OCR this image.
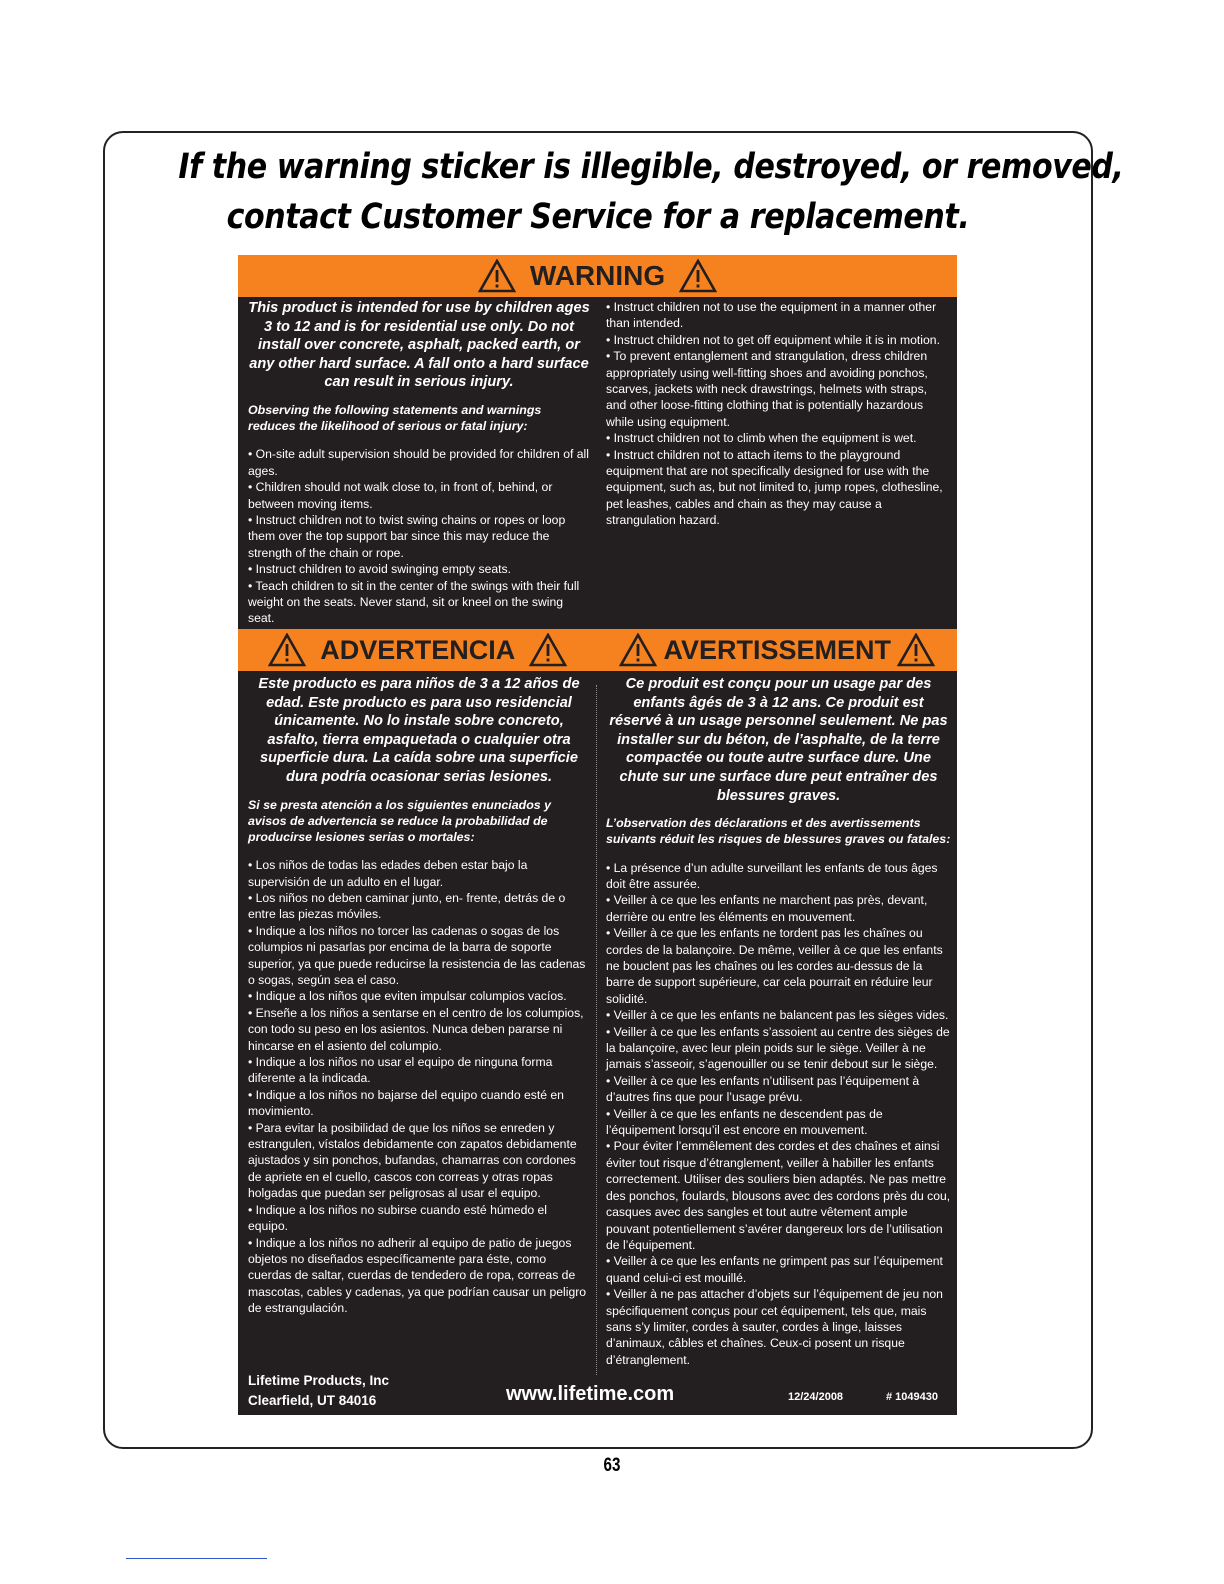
If the warning sticker is illegible, destroyed, or removed,
contact Customer Service for a replacement.
WARNING

This product is intended for use by children ages 3 to 12 and is for residential use only. Do not install over concrete, asphalt, packed earth, or any other hard surface. A fall onto a hard surface can result in serious injury.

Observing the following statements and warnings reduces the likelihood of serious or fatal injury:

• On-site adult supervision should be provided for children of all ages.

• Children should not walk close to, in front of, behind, or between moving items.

• Instruct children not to twist swing chains or ropes or loop them over the top support bar since this may reduce the strength of the chain or rope.

• Instruct children to avoid swinging empty seats.

• Teach children to sit in the center of the swings with their full weight on the seats. Never stand, sit or kneel on the swing seat.

• Instruct children not to use the equipment in a manner other than intended.

• Instruct children not to get off equipment while it is in motion.

• To prevent entanglement and strangulation, dress children appropriately using well-fitting shoes and avoiding ponchos, scarves, jackets with neck drawstrings, helmets with straps, and other loose-fitting clothing that is potentially hazardous while using equipment.

• Instruct children not to climb when the equipment is wet.

• Instruct children not to attach items to the playground equipment that are not specifically designed for use with the equipment, such as, but not limited to, jump ropes, clothesline, pet leashes, cables and chain as they may cause a strangulation hazard.

ADVERTENCIA	AVERTISSEMENT

Este producto es para niños de 3 a 12 años de edad. Este producto es para uso residencial únicamente. No lo instale sobre concreto, asfalto, tierra empaquetada o cualquier otra superficie dura. La caída sobre una superficie dura podría ocasionar serias lesiones.

Si se presta atención a los siguientes enunciados y avisos de advertencia se reduce la probabilidad de producirse lesiones serias o mortales:

• Los niños de todas las edades deben estar bajo la supervisión de un adulto en el lugar.

• Los niños no deben caminar junto, en- frente, detrás de o entre las piezas móviles.

• Indique a los niños no torcer las cadenas o sogas de los columpios ni pasarlas por encima de la barra de soporte superior, ya que puede reducirse la resistencia de las cadenas o sogas, según sea el caso.

• Indique a los niños que eviten impulsar columpios vacíos.

• Enseñe a los niños a sentarse en el centro de los columpios, con todo su peso en los asientos. Nunca deben pararse ni hincarse en el asiento del columpio.

• Indique a los niños no usar el equipo de ninguna forma diferente a la indicada.

• Indique a los niños no bajarse del equipo cuando esté en movimiento.

• Para evitar la posibilidad de que los niños se enreden y estrangulen, vístalos debidamente con zapatos debidamente ajustados y sin ponchos, bufandas, chamarras con cordones de apriete en el cuello, cascos con correas y otras ropas holgadas que puedan ser peligrosas al usar el equipo.

• Indique a los niños no subirse cuando esté húmedo el equipo.

• Indique a los niños no adherir al equipo de patio de juegos objetos no diseñados específicamente para éste, como cuerdas de saltar, cuerdas de tendedero de ropa, correas de mascotas, cables y cadenas, ya que podrían causar un peligro de estrangulación.

Ce produit est conçu pour un usage par des enfants âgés de 3 à 12 ans. Ce produit est réservé à un usage personnel seulement. Ne pas installer sur du béton, de l’asphalte, de la terre compactée ou toute autre surface dure. Une chute sur une surface dure peut entraîner des blessures graves.

L’observation des déclarations et des avertissements suivants réduit les risques de blessures graves ou fatales:

• La présence d’un adulte surveillant les enfants de tous âges doit être assurée.

• Veiller à ce que les enfants ne marchent pas près, devant, derrière ou entre les éléments en mouvement.

• Veiller à ce que les enfants ne tordent pas les chaînes ou cordes de la balançoire. De même, veiller à ce que les enfants ne bouclent pas les chaînes ou les cordes au-dessus de la barre de support supérieure, car cela pourrait en réduire leur solidité.

• Veiller à ce que les enfants ne balancent pas les sièges vides.

• Veiller à ce que les enfants s’assoient au centre des sièges de la balançoire, avec leur plein poids sur le siège. Veiller à ne jamais s’asseoir, s’agenouiller ou se tenir debout sur le siège.

• Veiller à ce que les enfants n’utilisent pas l’équipement à d’autres fins que pour l’usage prévu.

• Veiller à ce que les enfants ne descendent pas de l’équipement lorsqu’il est encore en mouvement.

• Pour éviter l’emmêlement des cordes et des chaînes et ainsi éviter tout risque d’étranglement, veiller à habiller les enfants correctement. Utiliser des souliers bien adaptés. Ne pas mettre des ponchos, foulards, blousons avec des cordons près du cou, casques avec des sangles et tout autre vêtement ample pouvant potentiellement s’avérer dangereux lors de l’utilisation de l’équipement.

• Veiller à ce que les enfants ne grimpent pas sur l’équipement quand celui-ci est mouillé.

• Veiller à ne pas attacher d’objets sur l’équipement de jeu non spécifiquement conçus pour cet équipement, tels que, mais sans s’y limiter, cordes à sauter, cordes à linge, laisses d’animaux, câbles et chaînes. Ceux-ci posent un risque d’étranglement.

Lifetime Products, Inc
Clearfield, UT 84016	www.lifetime.com	12/24/2008	# 1049430
63
